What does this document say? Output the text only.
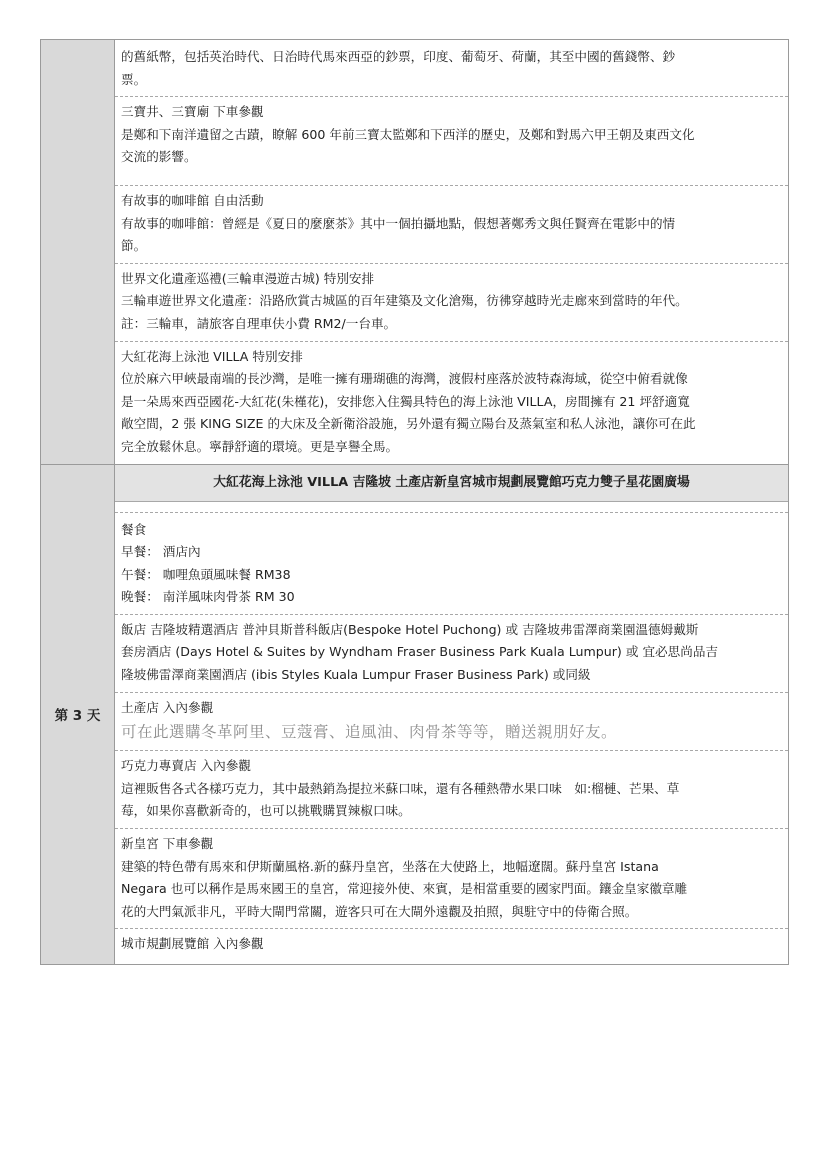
的舊紙幣，包括英治時代、日治時代馬來西亞的鈔票，印度、葡萄牙、荷蘭，其至中國的舊錢幣、鈔

票。

三寶井、三寶廟 下車參觀

是鄭和下南洋遺留之古蹟，瞭解 600 年前三寶太監鄭和下西洋的歷史，及鄭和對馬六甲王朝及東西文化

交流的影響。

有故事的咖啡館 自由活動

有故事的咖啡館：曾經是《夏日的麼麼茶》其中一個拍攝地點，假想著鄭秀文與任賢齊在電影中的情

節。

世界文化遺產巡禮(三輪車漫遊古城) 特別安排

三輪車遊世界文化遺產：沿路欣賞古城區的百年建築及文化滄殤，彷彿穿越時光走廊來到當時的年代。

註：三輪車，請旅客自理車伕小費 RM2/一台車。

大紅花海上泳池 VILLA 特別安排

位於麻六甲峽最南端的長沙灣，是唯一擁有珊瑚礁的海灣，渡假村座落於波特森海域，從空中俯看就像

是一朵馬來西亞國花-大紅花(朱槿花)，安排您入住獨具特色的海上泳池 VILLA，房間擁有 21 坪舒適寬

敞空間，2 張 KING SIZE 的大床及全新衛浴設施，另外還有獨立陽台及蒸氣室和私人泳池，讓你可在此

完全放鬆休息。寧靜舒適的環境。更是享譽全馬。

第 3 天
大紅花海上泳池 VILLA 吉隆坡 土產店新皇宮城市規劃展覽館巧克力雙子星花園廣場

餐食

早餐： 酒店內

午餐： 咖哩魚頭風味餐 RM38

晚餐： 南洋風味肉骨茶 RM 30

飯店 吉隆坡精選酒店 普沖貝斯普科飯店(Bespoke Hotel Puchong) 或 吉隆坡弗雷澤商業園溫德姆戴斯

套房酒店 (Days Hotel & Suites by Wyndham Fraser Business Park Kuala Lumpur) 或 宜必思尚品吉

隆坡佛雷澤商業園酒店 (ibis Styles Kuala Lumpur Fraser Business Park) 或同級

土產店 入內參觀

可在此選購冬革阿里、豆蔻膏、追風油、肉骨茶等等，贈送親朋好友。

巧克力專賣店 入內參觀

這裡販售各式各樣巧克力，其中最熱銷為提拉米蘇口味，還有各種熱帶水果口味　如:榴槤、芒果、草

莓，如果你喜歡新奇的，也可以挑戰購買辣椒口味。

新皇宮 下車參觀

建築的特色帶有馬來和伊斯蘭風格.新的蘇丹皇宮，坐落在大使路上，地幅遼闊。蘇丹皇宮 Istana

Negara 也可以稱作是馬來國王的皇宮，常迎接外使、來賓，是相當重要的國家門面。鑲金皇家徽章雕

花的大門氣派非凡，平時大閘門常關，遊客只可在大閘外遠觀及拍照，與駐守中的侍衛合照。

城市規劃展覽館 入內參觀
